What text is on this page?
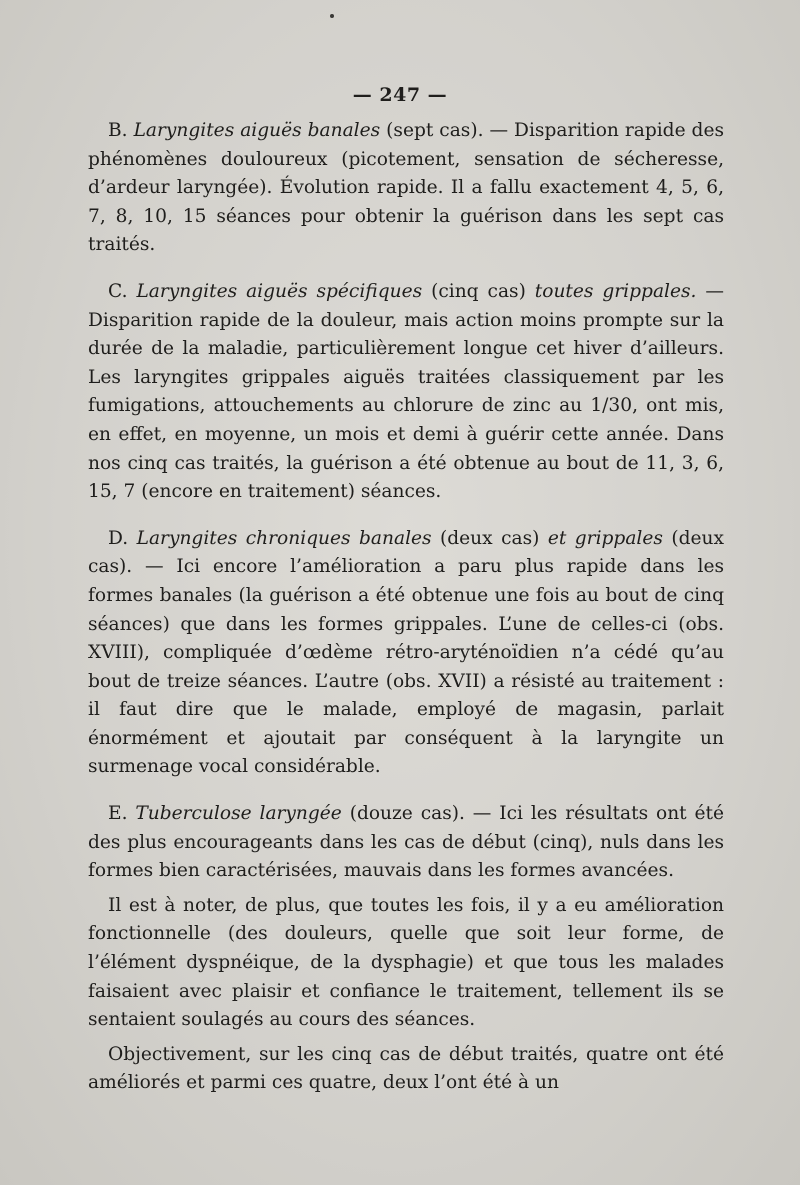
— 247 —

B. Laryngites aiguës banales (sept cas). — Disparition rapide des phénomènes douloureux (picotement, sensation de sécheresse, d’ardeur laryngée). Évolution rapide. Il a fallu exactement 4, 5, 6, 7, 8, 10, 15 séances pour obtenir la guérison dans les sept cas traités.

C. Laryngites aiguës spécifiques (cinq cas) toutes grippales. — Disparition rapide de la douleur, mais action moins prompte sur la durée de la maladie, particulièrement longue cet hiver d’ailleurs. Les laryngites grippales aiguës traitées classiquement par les fumigations, attouchements au chlorure de zinc au 1/30, ont mis, en effet, en moyenne, un mois et demi à guérir cette année. Dans nos cinq cas traités, la guérison a été obtenue au bout de 11, 3, 6, 15, 7 (encore en traitement) séances.

D. Laryngites chroniques banales (deux cas) et grippales (deux cas). — Ici encore l’amélioration a paru plus rapide dans les formes banales (la guérison a été obtenue une fois au bout de cinq séances) que dans les formes grippales. L’une de celles-ci (obs. XVIII), compliquée d’œdème rétro-aryténoïdien n’a cédé qu’au bout de treize séances. L’autre (obs. XVII) a résisté au traitement : il faut dire que le malade, employé de magasin, parlait énormément et ajoutait par conséquent à la laryngite un surmenage vocal considérable.

E. Tuberculose laryngée (douze cas). — Ici les résultats ont été des plus encourageants dans les cas de début (cinq), nuls dans les formes bien caractérisées, mauvais dans les formes avancées.

Il est à noter, de plus, que toutes les fois, il y a eu amélioration fonctionnelle (des douleurs, quelle que soit leur forme, de l’élément dyspnéique, de la dysphagie) et que tous les malades faisaient avec plaisir et confiance le traitement, tellement ils se sentaient soulagés au cours des séances.

Objectivement, sur les cinq cas de début traités, quatre ont été améliorés et parmi ces quatre, deux l’ont été à un
